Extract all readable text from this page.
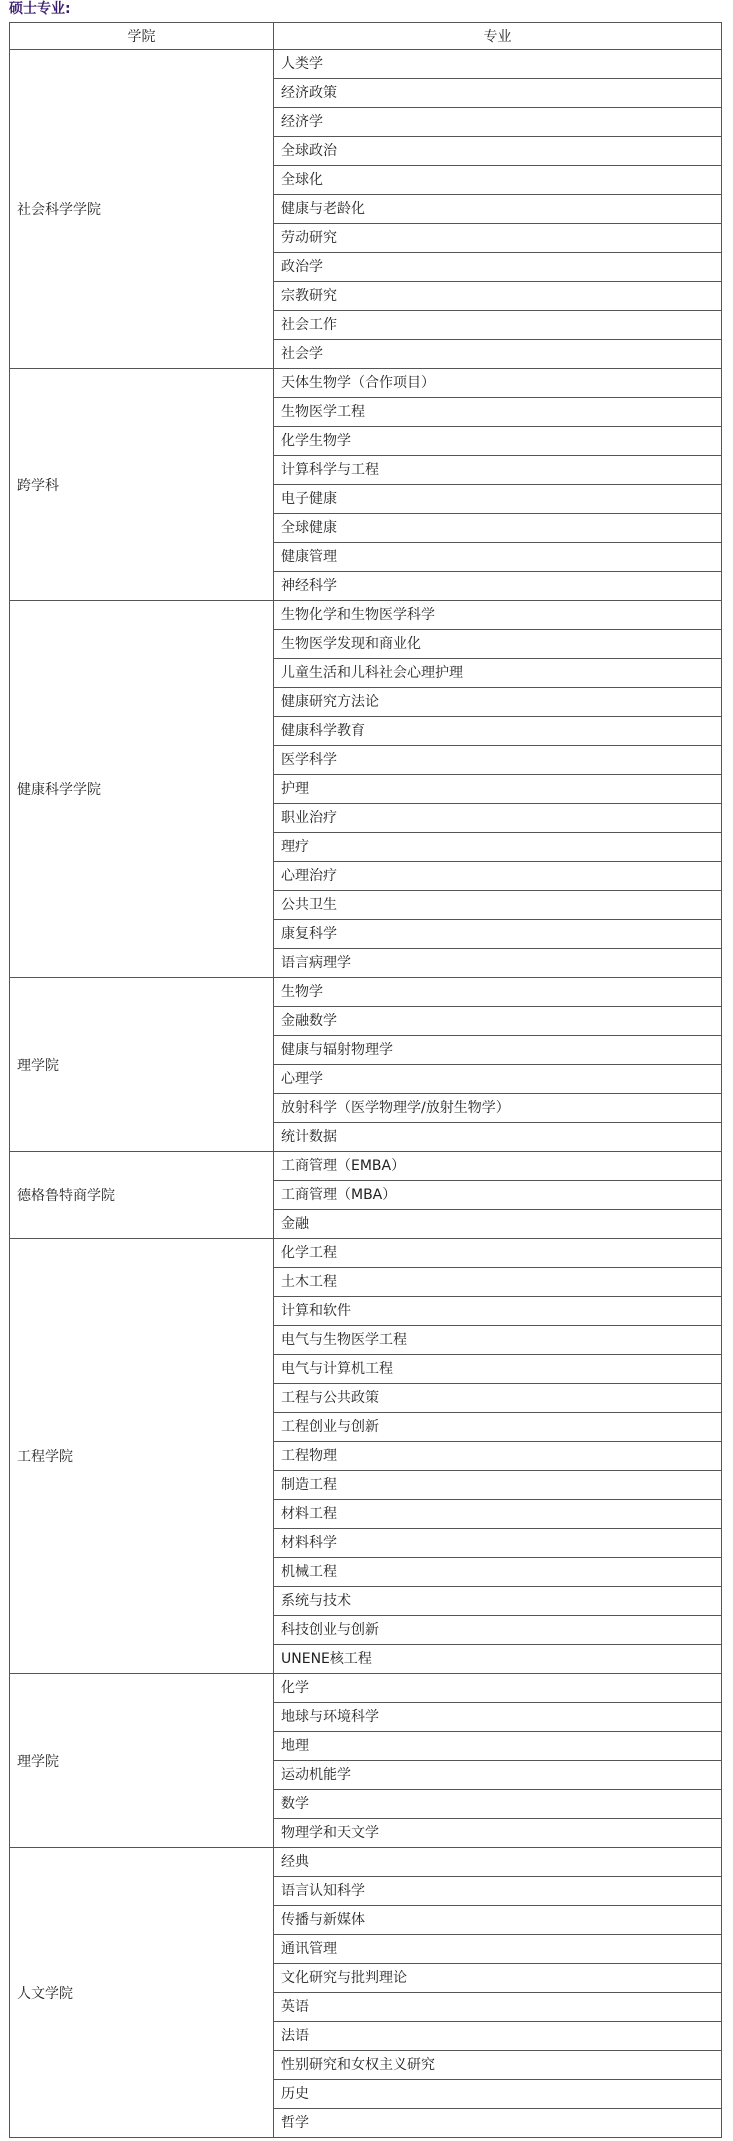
硕士专业:
学院	专业
社会科学学院	人类学
	经济政策
	经济学
	全球政治
	全球化
	健康与老龄化
	劳动研究
	政治学
	宗教研究
	社会工作
	社会学
跨学科	天体生物学（合作项目）
	生物医学工程
	化学生物学
	计算科学与工程
	电子健康
	全球健康
	健康管理
	神经科学
健康科学学院	生物化学和生物医学科学
	生物医学发现和商业化
	儿童生活和儿科社会心理护理
	健康研究方法论
	健康科学教育
	医学科学
	护理
	职业治疗
	理疗
	心理治疗
	公共卫生
	康复科学
	语言病理学
理学院	生物学
	金融数学
	健康与辐射物理学
	心理学
	放射科学（医学物理学/放射生物学）
	统计数据
德格鲁特商学院	工商管理（EMBA）
	工商管理（MBA）
	金融
工程学院	化学工程
	土木工程
	计算和软件
	电气与生物医学工程
	电气与计算机工程
	工程与公共政策
	工程创业与创新
	工程物理
	制造工程
	材料工程
	材料科学
	机械工程
	系统与技术
	科技创业与创新
	UNENE核工程
理学院	化学
	地球与环境科学
	地理
	运动机能学
	数学
	物理学和天文学
人文学院	经典
	语言认知科学
	传播与新媒体
	通讯管理
	文化研究与批判理论
	英语
	法语
	性别研究和女权主义研究
	历史
	哲学
